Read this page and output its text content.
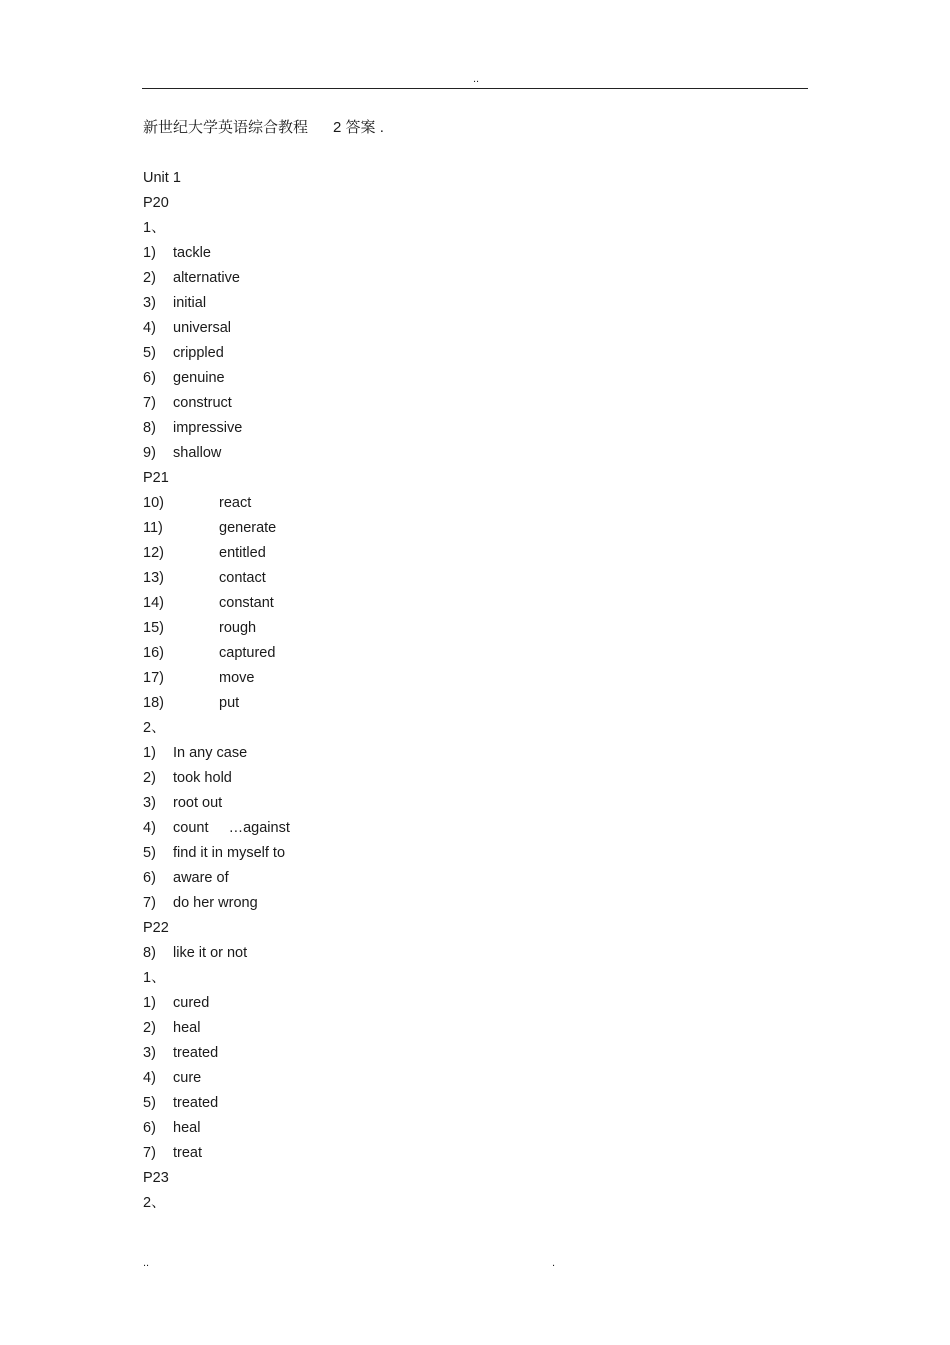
..
新世纪大学英语综合教程 2 答案 .
Unit 1
P20
1、
1)	tackle
2)	alternative
3)	initial
4)	universal
5)	crippled
6)	genuine
7)	construct
8)	impressive
9)	shallow
P21
10)	react
11)	generate
12)	entitled
13)	contact
14)	constant
15)	rough
16)	captured
17)	move
18)	put
2、
1)	In any case
2)	took hold
3)	root out
4)	count     …against
5)	find it in myself to
6)	aware of
7)	do her wrong
P22
8)	like it or not
1、
1)	cured
2)	heal
3)	treated
4)	cure
5)	treated
6)	heal
7)	treat
P23
2、
..	.
